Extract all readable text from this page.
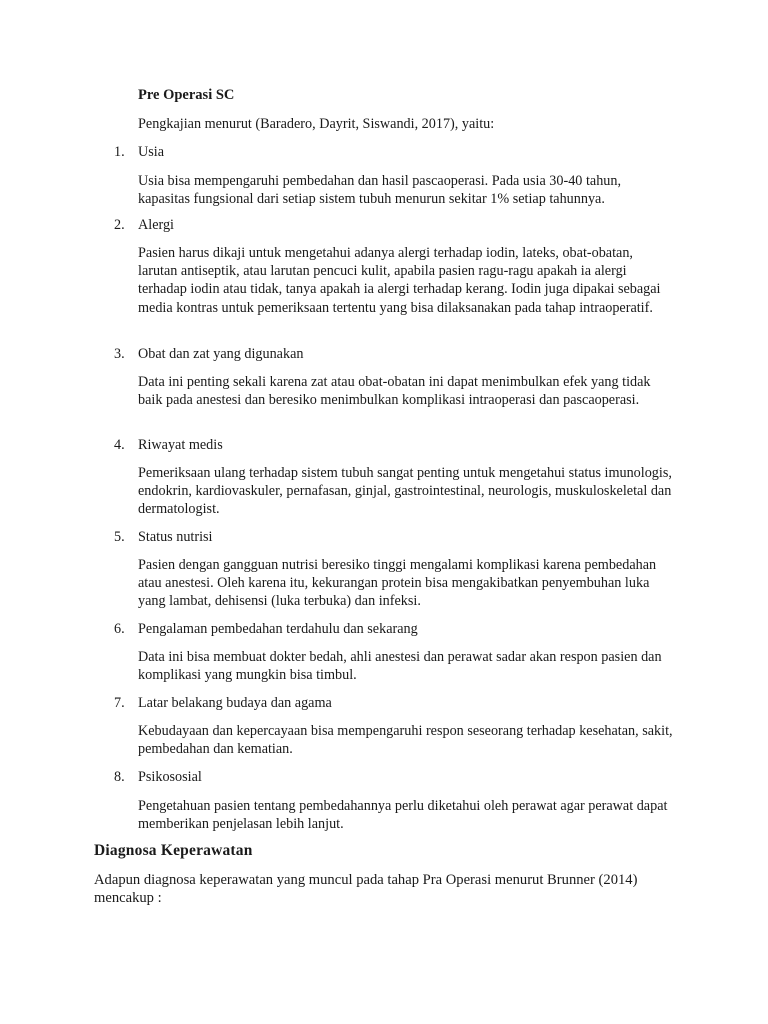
Pre Operasi SC
Pengkajian menurut (Baradero, Dayrit, Siswandi, 2017), yaitu:
1. Usia
Usia bisa mempengaruhi pembedahan dan hasil pascaoperasi. Pada usia 30-40 tahun, kapasitas fungsional dari setiap sistem tubuh menurun sekitar 1% setiap tahunnya.
2. Alergi
Pasien harus dikaji untuk mengetahui adanya alergi terhadap iodin, lateks, obat-obatan, larutan antiseptik, atau larutan pencuci kulit, apabila pasien ragu-ragu apakah ia alergi terhadap iodin atau tidak, tanya apakah ia alergi terhadap kerang. Iodin juga dipakai sebagai media kontras untuk pemeriksaan tertentu yang bisa dilaksanakan pada tahap intraoperatif.
3. Obat dan zat yang digunakan
Data ini penting sekali karena zat atau obat-obatan ini dapat menimbulkan efek yang tidak baik pada anestesi dan beresiko menimbulkan komplikasi intraoperasi dan pascaoperasi.
4. Riwayat medis
Pemeriksaan ulang terhadap sistem tubuh sangat penting untuk mengetahui status imunologis, endokrin, kardiovaskuler, pernafasan, ginjal, gastrointestinal, neurologis, muskuloskeletal dan dermatologist.
5. Status nutrisi
Pasien dengan gangguan nutrisi beresiko tinggi mengalami komplikasi karena pembedahan atau anestesi. Oleh karena itu, kekurangan protein bisa mengakibatkan penyembuhan luka yang lambat, dehisensi (luka terbuka) dan infeksi.
6. Pengalaman pembedahan terdahulu dan sekarang
Data ini bisa membuat dokter bedah, ahli anestesi dan perawat sadar akan respon pasien dan komplikasi yang mungkin bisa timbul.
7. Latar belakang budaya dan agama
Kebudayaan dan kepercayaan bisa mempengaruhi respon seseorang terhadap kesehatan, sakit, pembedahan dan kematian.
8. Psikososial
Pengetahuan pasien tentang pembedahannya perlu diketahui oleh perawat agar perawat dapat memberikan penjelasan lebih lanjut.
Diagnosa Keperawatan
Adapun diagnosa keperawatan yang muncul pada tahap Pra Operasi menurut Brunner (2014) mencakup :
